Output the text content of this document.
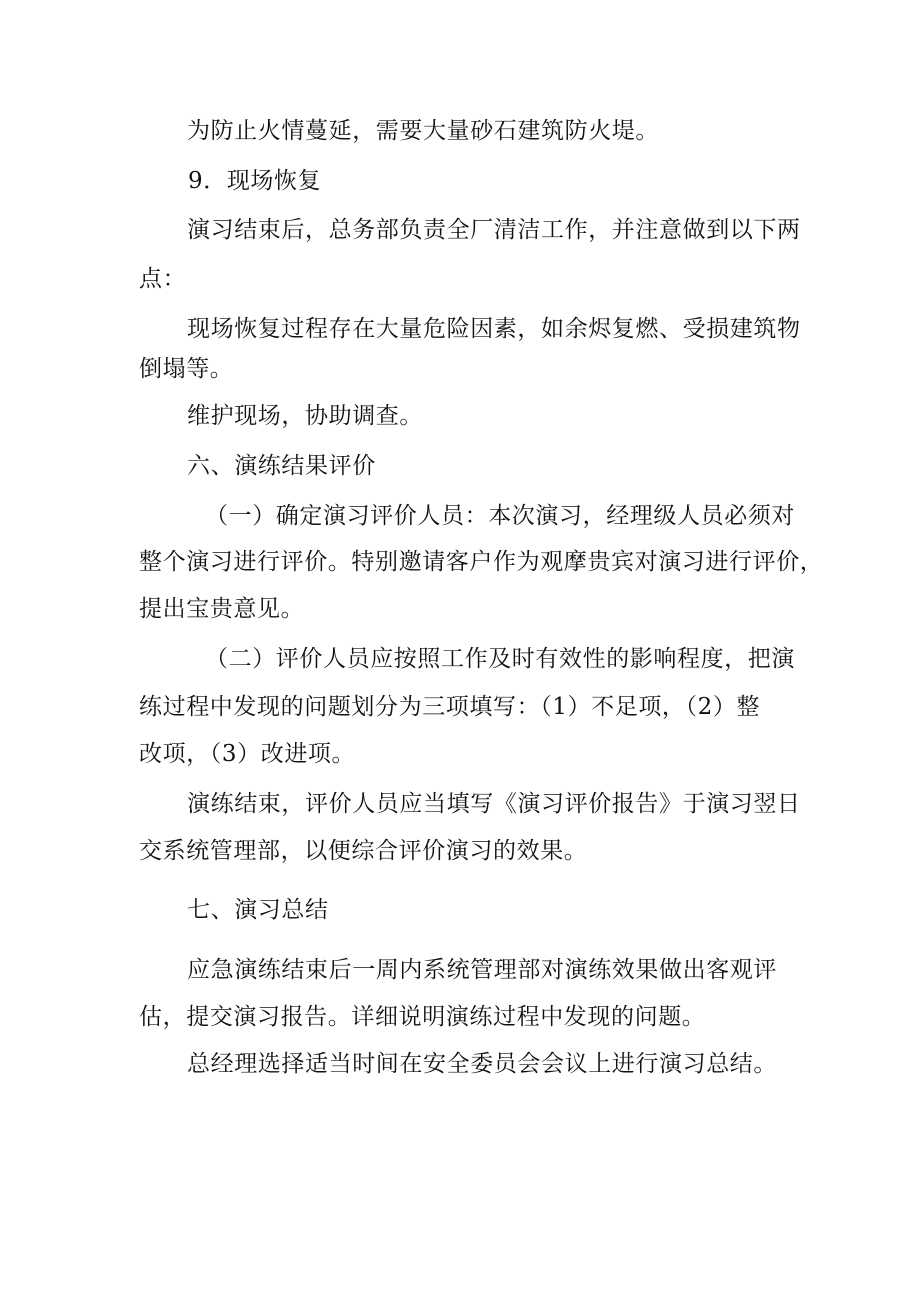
为防止火情蔓延，需要大量砂石建筑防火堤。
9．现场恢复
演习结束后，总务部负责全厂清洁工作，并注意做到以下两
点：
现场恢复过程存在大量危险因素，如余烬复燃、受损建筑物
倒塌等。
维护现场，协助调查。
六、演练结果评价
（一）确定演习评价人员：本次演习，经理级人员必须对
整个演习进行评价。特别邀请客户作为观摩贵宾对演习进行评价，
提出宝贵意见。
（二）评价人员应按照工作及时有效性的影响程度，把演
练过程中发现的问题划分为三项填写：（1）不足项，（2）整
改项，（3）改进项。
演练结束，评价人员应当填写《演习评价报告》于演习翌日
交系统管理部，以便综合评价演习的效果。
七、演习总结
应急演练结束后一周内系统管理部对演练效果做出客观评
估，提交演习报告。详细说明演练过程中发现的问题。
总经理选择适当时间在安全委员会会议上进行演习总结。
